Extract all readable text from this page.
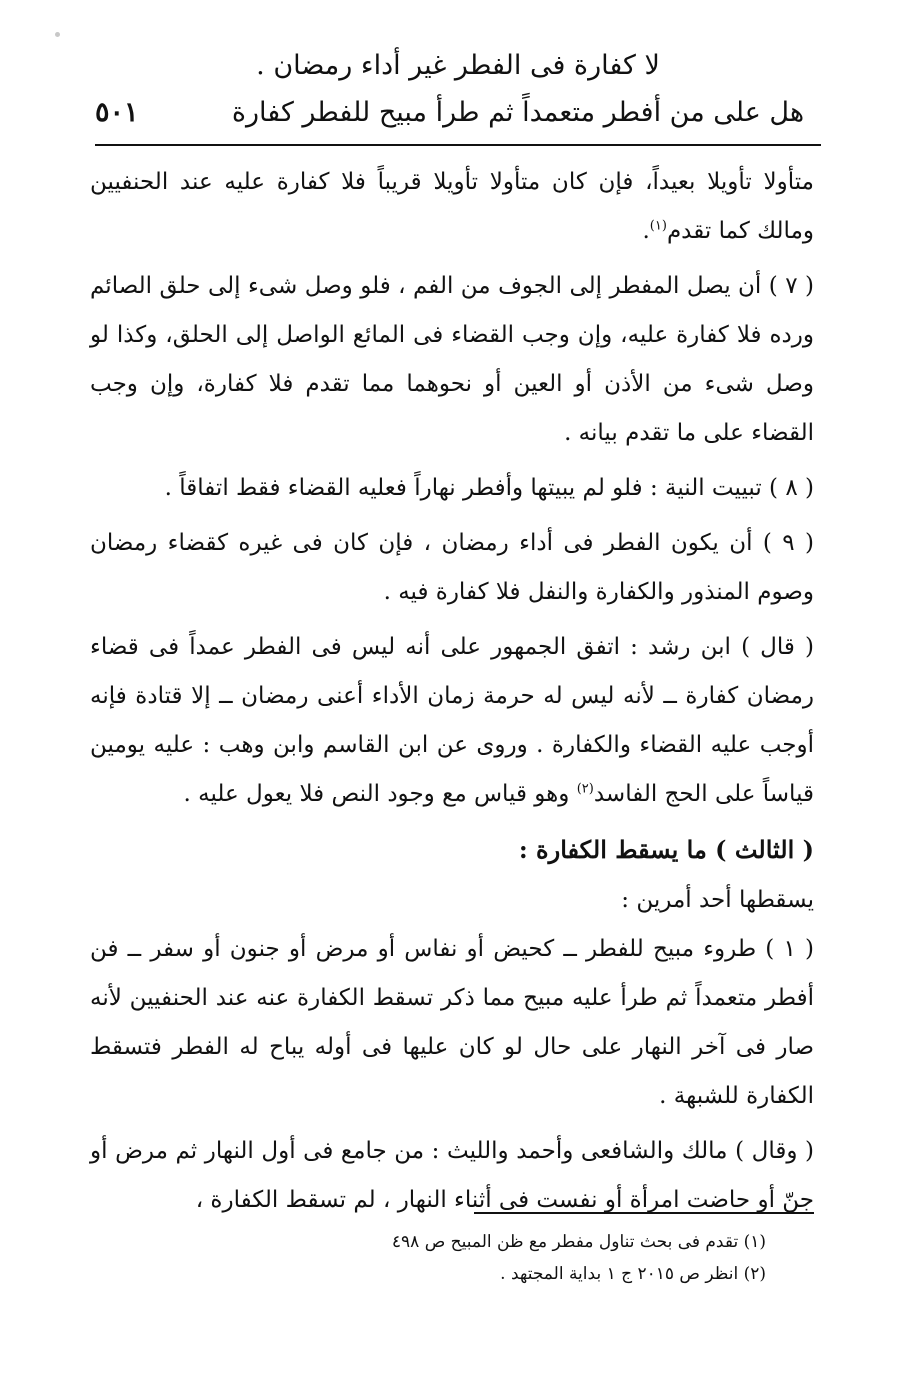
لا كفارة فى الفطر غير أداء رمضان .
هل على من أفطر متعمداً ثم طرأ مبيح للفطر كفارة
٥٠١

متأولا تأويلا بعيداً، فإن كان متأولا تأويلا قريباً فلا كفارة عليه عند الحنفيين ومالك كما تقدم$^{(١)}$.

( ٧ ) أن يصل المفطر إلى الجوف من الفم ، فلو وصل شىء إلى حلق الصائم ورده فلا كفارة عليه، وإن وجب القضاء فى المائع الواصل إلى الحلق، وكذا لو وصل شىء من الأذن أو العين أو نحوهما مما تقدم فلا كفارة، وإن وجب القضاء على ما تقدم بيانه .

( ٨ ) تبييت النية : فلو لم يبيتها وأفطر نهاراً فعليه القضاء فقط اتفاقاً .

( ٩ ) أن يكون الفطر فى أداء رمضان ، فإن كان فى غيره كقضاء رمضان وصوم المنذور والكفارة والنفل فلا كفارة فيه .

( قال ) ابن رشد : اتفق الجمهور على أنه ليس فى الفطر عمداً فى قضاء رمضان كفارة ــ لأنه ليس له حرمة زمان الأداء أعنى رمضان ــ إلا قتادة فإنه أوجب عليه القضاء والكفارة . وروى عن ابن القاسم وابن وهب : عليه يومين قياساً على الحج الفاسد$^{(٢)}$ وهو قياس مع وجود النص فلا يعول عليه .

( الثالث ) ما يسقط الكفارة :
يسقطها أحد أمرين :

( ١ ) طروء مبيح للفطر ــ كحيض أو نفاس أو مرض أو جنون أو سفر ــ فن أفطر متعمداً ثم طرأ عليه مبيح مما ذكر تسقط الكفارة عنه عند الحنفيين لأنه صار فى آخر النهار على حال لو كان عليها فى أوله يباح له الفطر فتسقط الكفارة للشبهة .

( وقال ) مالك والشافعى وأحمد والليث : من جامع فى أول النهار ثم مرض أو جنّ أو حاضت امرأة أو نفست فى أثناء النهار ، لم تسقط الكفارة ،

(١) تقدم فى بحث تناول مفطر مع ظن المبيح ص ٤٩٨

(٢) انظر ص ٢٠١٥ ج ١ بداية المجتهد .
